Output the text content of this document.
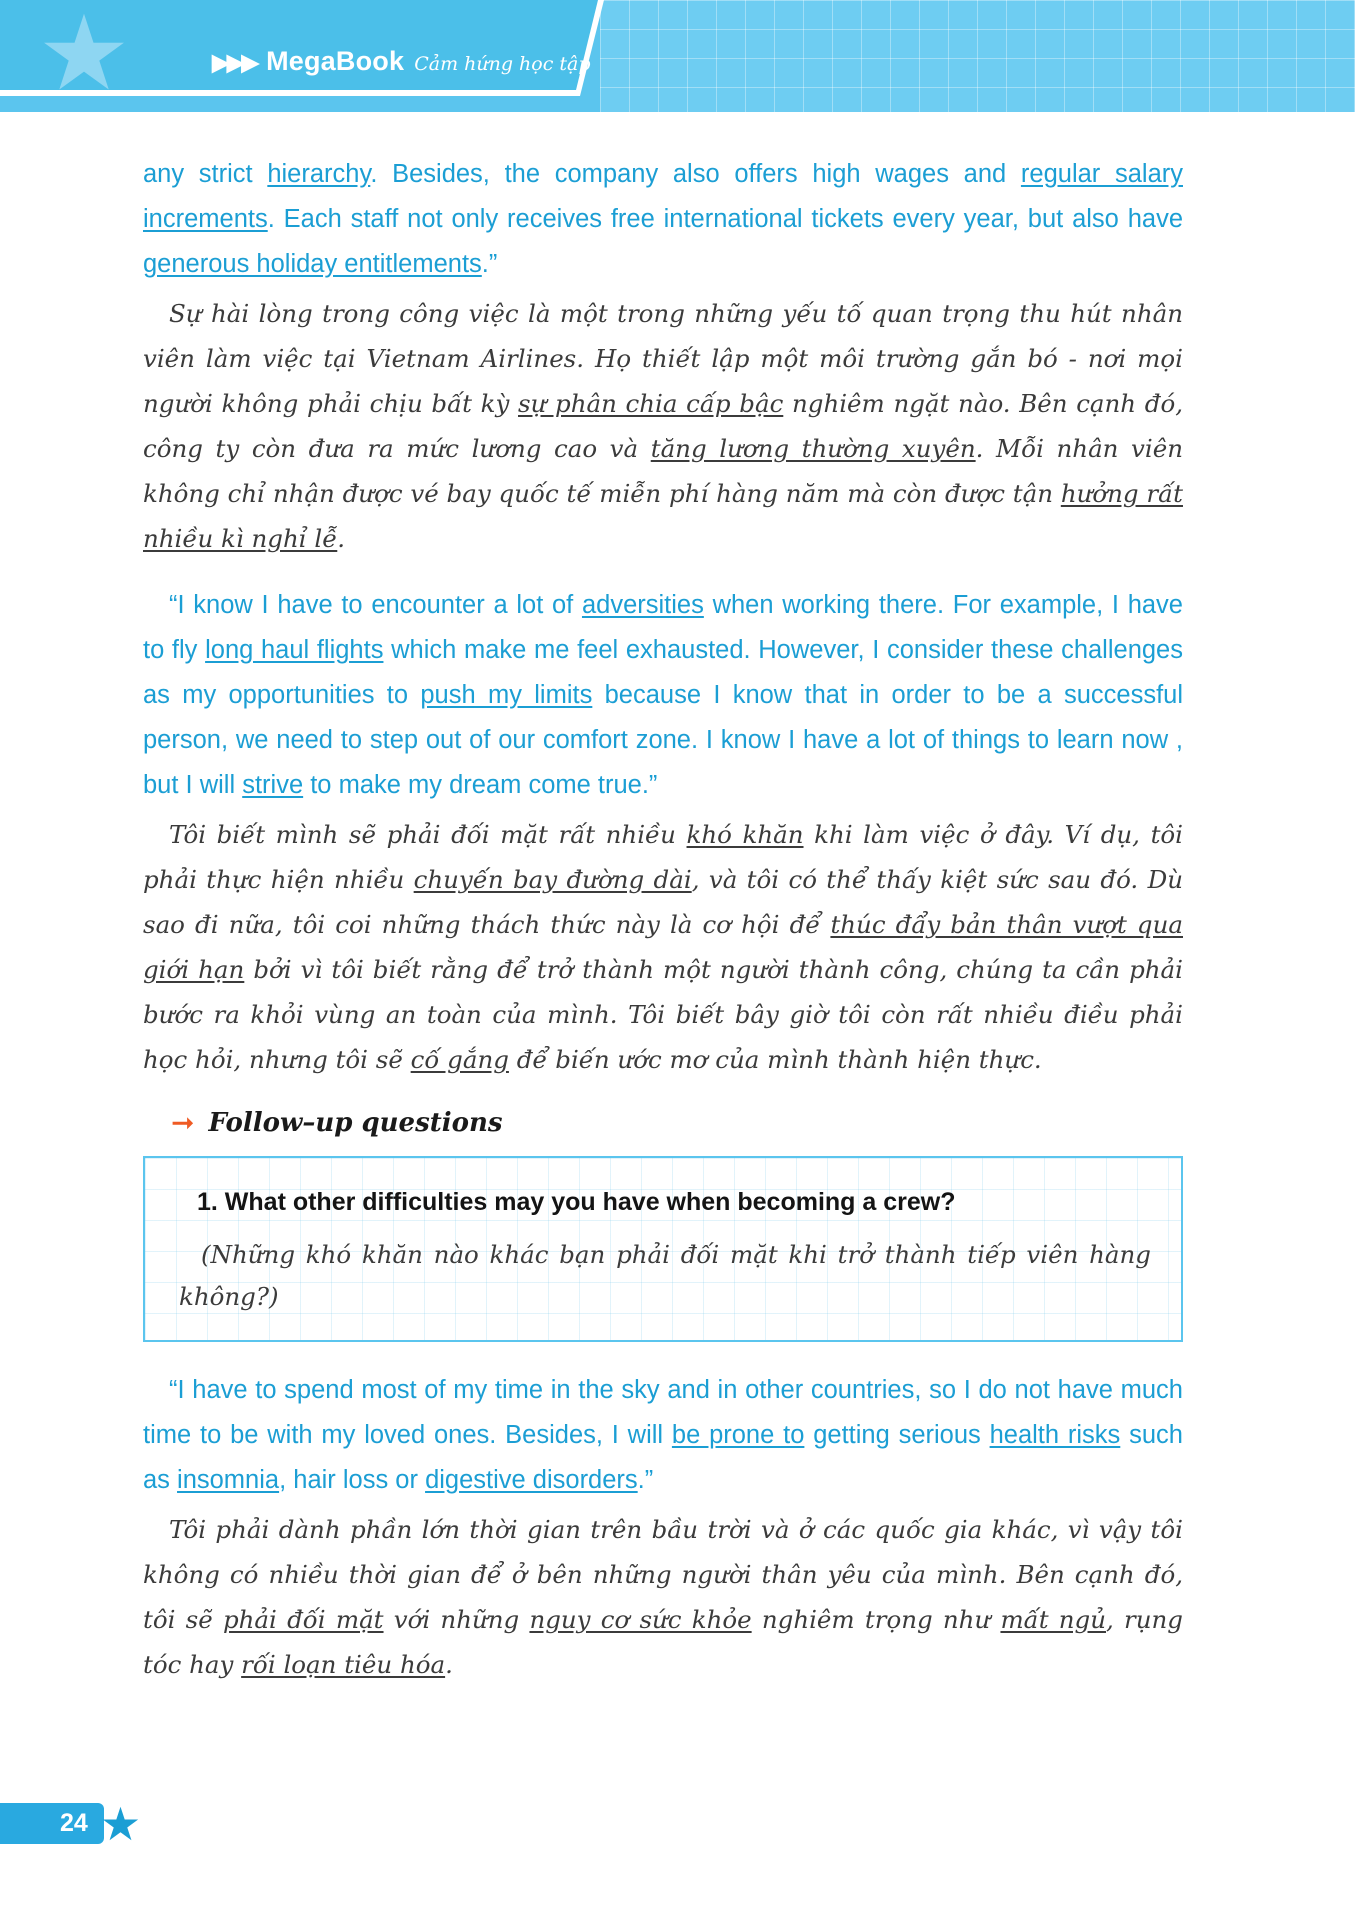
★	▶▶▶ MegaBook Cảm hứng học tập

any strict hierarchy. Besides, the company also offers high wages and regular salary increments. Each staff not only receives free international tickets every year, but also have generous holiday entitlements.”

Sự hài lòng trong công việc là một trong những yếu tố quan trọng thu hút nhân viên làm việc tại Vietnam Airlines. Họ thiết lập một môi trường gắn bó - nơi mọi người không phải chịu bất kỳ sự phân chia cấp bậc nghiêm ngặt nào. Bên cạnh đó, công ty còn đưa ra mức lương cao và tăng lương thường xuyên. Mỗi nhân viên không chỉ nhận được vé bay quốc tế miễn phí hàng năm mà còn được tận hưởng rất nhiều kì nghỉ lễ.

“I know I have to encounter a lot of adversities when working there. For example, I have to fly long haul flights which make me feel exhausted. However, I consider these challenges as my opportunities to push my limits because I know that in order to be a successful person, we need to step out of our comfort zone. I know I have a lot of things to learn now , but I will strive to make my dream come true.”

Tôi biết mình sẽ phải đối mặt rất nhiều khó khăn khi làm việc ở đây. Ví dụ, tôi phải thực hiện nhiều chuyến bay đường dài, và tôi có thể thấy kiệt sức sau đó. Dù sao đi nữa, tôi coi những thách thức này là cơ hội để thúc đẩy bản thân vượt qua giới hạn bởi vì tôi biết rằng để trở thành một người thành công, chúng ta cần phải bước ra khỏi vùng an toàn của mình. Tôi biết bây giờ tôi còn rất nhiều điều phải học hỏi, nhưng tôi sẽ cố gắng để biến ước mơ của mình thành hiện thực.

➞ Follow–up questions

1. What other difficulties may you have when becoming a crew?

(Những khó khăn nào khác bạn phải đối mặt khi trở thành tiếp viên hàng không?)

“I have to spend most of my time in the sky and in other countries, so I do not have much time to be with my loved ones. Besides, I will be prone to getting serious health risks such as insomnia, hair loss or digestive disorders.”

Tôi phải dành phần lớn thời gian trên bầu trời và ở các quốc gia khác, vì vậy tôi không có nhiều thời gian để ở bên những người thân yêu của mình. Bên cạnh đó, tôi sẽ phải đối mặt với những nguy cơ sức khỏe nghiêm trọng như mất ngủ, rụng tóc hay rối loạn tiêu hóa.

24 ★
